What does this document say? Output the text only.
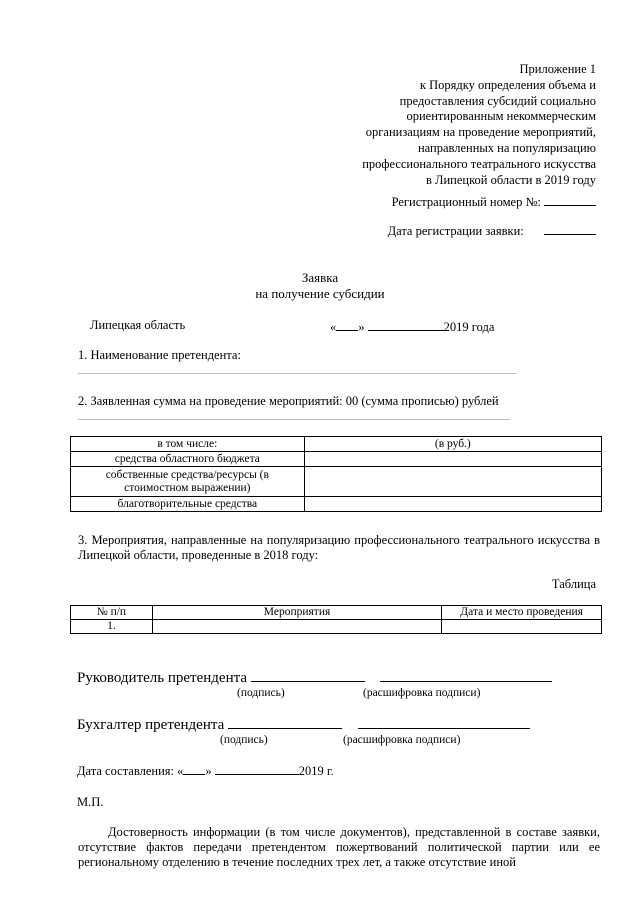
Приложение 1
к Порядку определения объема и
предоставления субсидий социально
ориентированным некоммерческим
организациям на проведение мероприятий,
направленных на популяризацию
профессионального театрального искусства
в Липецкой области в 2019 году
Регистрационный номер №:
Дата регистрации заявки:
Заявка
на получение субсидии
Липецкая область	« »	2019 года
1. Наименование претендента:
2. Заявленная сумма на проведение мероприятий: 00 (сумма прописью) рублей
в том числе:	(в руб.)
средства областного бюджета	
собственные средства/ресурсы (в стоимостном выражении)	
благотворительные средства	
3. Мероприятия, направленные на популяризацию профессионального театрального искусства в Липецкой области, проведенные в 2018 году:
Таблица
№ п/п	Мероприятия	Дата и место проведения
1.		
Руководитель претендента
(подпись)	(расшифровка подписи)
Бухгалтер претендента
(подпись)	(расшифровка подписи)
Дата составления: « »	2019 г.
М.П.
Достоверность информации (в том числе документов), представленной в составе заявки, отсутствие фактов передачи претендентом пожертвований политической партии или ее региональному отделению в течение последних трех лет, а также отсутствие иной
